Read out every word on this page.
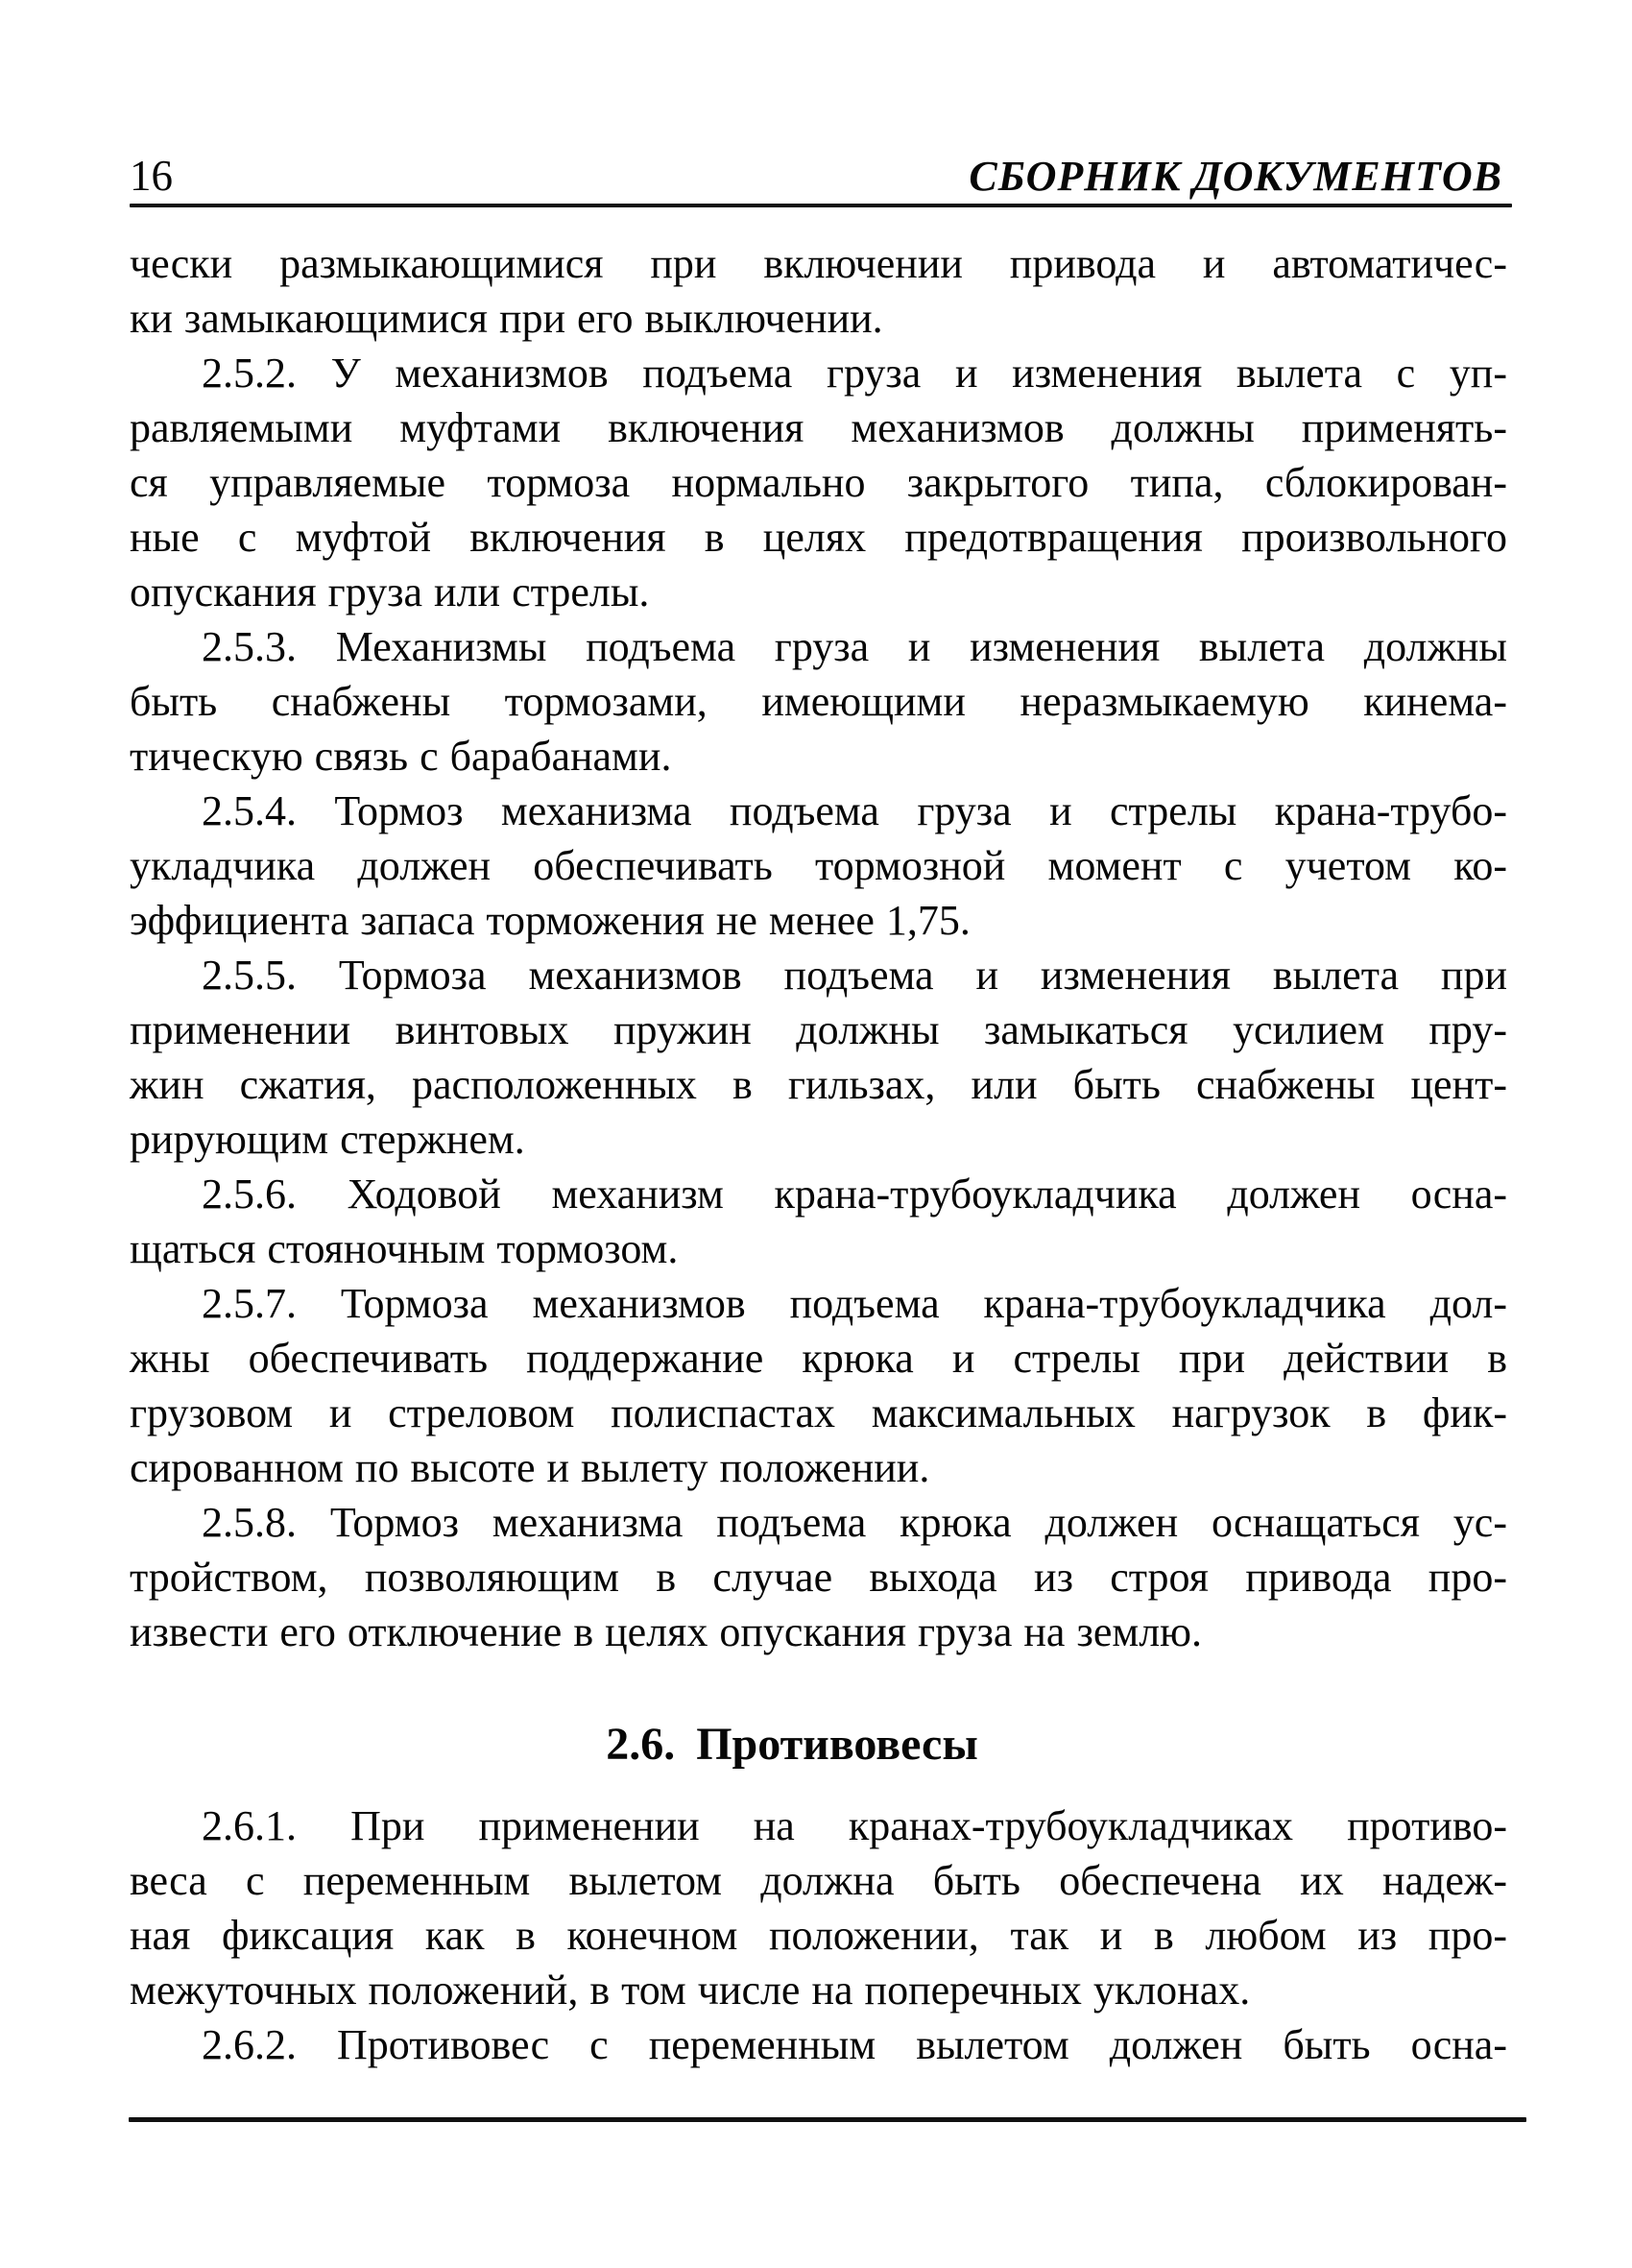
16	СБОРНИК ДОКУМЕНТОВ
чески размыкающимися при включении привода и автоматичес-
ки замыкающимися при его выключении.
2.5.2. У механизмов подъема груза и изменения вылета с уп-
равляемыми муфтами включения механизмов должны применять-
ся управляемые тормоза нормально закрытого типа, сблокирован-
ные с муфтой включения в целях предотвращения произвольного
опускания груза или стрелы.
2.5.3. Механизмы подъема груза и изменения вылета должны
быть снабжены тормозами, имеющими неразмыкаемую кинема-
тическую связь с барабанами.
2.5.4. Тормоз механизма подъема груза и стрелы крана-трубо-
укладчика должен обеспечивать тормозной момент с учетом ко-
эффициента запаса торможения не менее 1,75.
2.5.5. Тормоза механизмов подъема и изменения вылета при
применении винтовых пружин должны замыкаться усилием пру-
жин сжатия, расположенных в гильзах, или быть снабжены цент-
рирующим стержнем.
2.5.6. Ходовой механизм крана-трубоукладчика должен осна-
щаться стояночным тормозом.
2.5.7. Тормоза механизмов подъема крана-трубоукладчика дол-
жны обеспечивать поддержание крюка и стрелы при действии в
грузовом и стреловом полиспастах максимальных нагрузок в фик-
сированном по высоте и вылету положении.
2.5.8. Тормоз механизма подъема крюка должен оснащаться ус-
тройством, позволяющим в случае выхода из строя привода про-
извести его отключение в целях опускания груза на землю.
2.6. Противовесы
2.6.1. При применении на кранах-трубоукладчиках противо-
веса с переменным вылетом должна быть обеспечена их надеж-
ная фиксация как в конечном положении, так и в любом из про-
межуточных положений, в том числе на поперечных уклонах.
2.6.2. Противовес с переменным вылетом должен быть осна-
